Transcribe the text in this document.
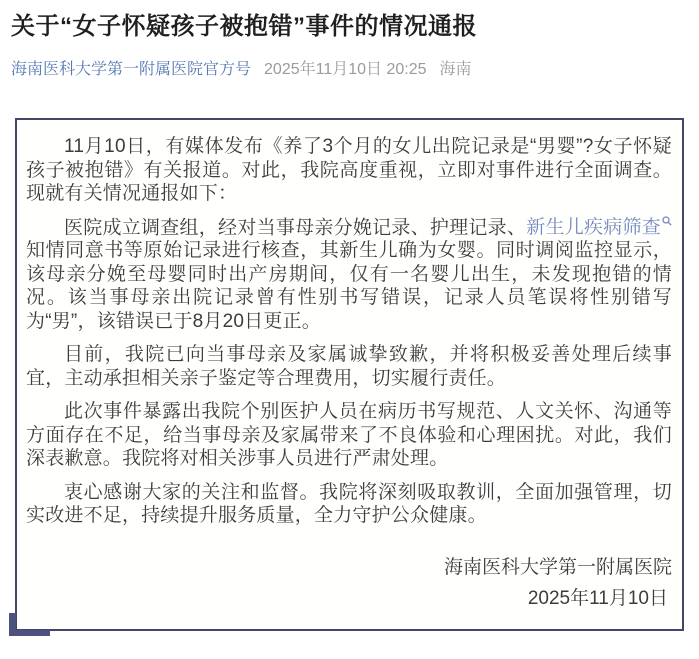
关于“女子怀疑孩子被抱错”事件的情况通报
海南医科大学第一附属医院官方号 2025年11月10日 20:25 海南

11月10日，有媒体发布《养了3个月的女儿出院记录是“男婴”?女子怀疑孩子被抱错》有关报道。对此，我院高度重视，立即对事件进行全面调查。现就有关情况通报如下：

医院成立调查组，经对当事母亲分娩记录、护理记录、新生儿疾病筛查知情同意书等原始记录进行核查，其新生儿确为女婴。同时调阅监控显示，该母亲分娩至母婴同时出产房期间，仅有一名婴儿出生，未发现抱错的情况。该当事母亲出院记录曾有性别书写错误，记录人员笔误将性别错写为“男”，该错误已于8月20日更正。

目前，我院已向当事母亲及家属诚挚致歉，并将积极妥善处理后续事宜，主动承担相关亲子鉴定等合理费用，切实履行责任。

此次事件暴露出我院个别医护人员在病历书写规范、人文关怀、沟通等方面存在不足，给当事母亲及家属带来了不良体验和心理困扰。对此，我们深表歉意。我院将对相关涉事人员进行严肃处理。

衷心感谢大家的关注和监督。我院将深刻吸取教训，全面加强管理，切实改进不足，持续提升服务质量，全力守护公众健康。

海南医科大学第一附属医院
2025年11月10日
